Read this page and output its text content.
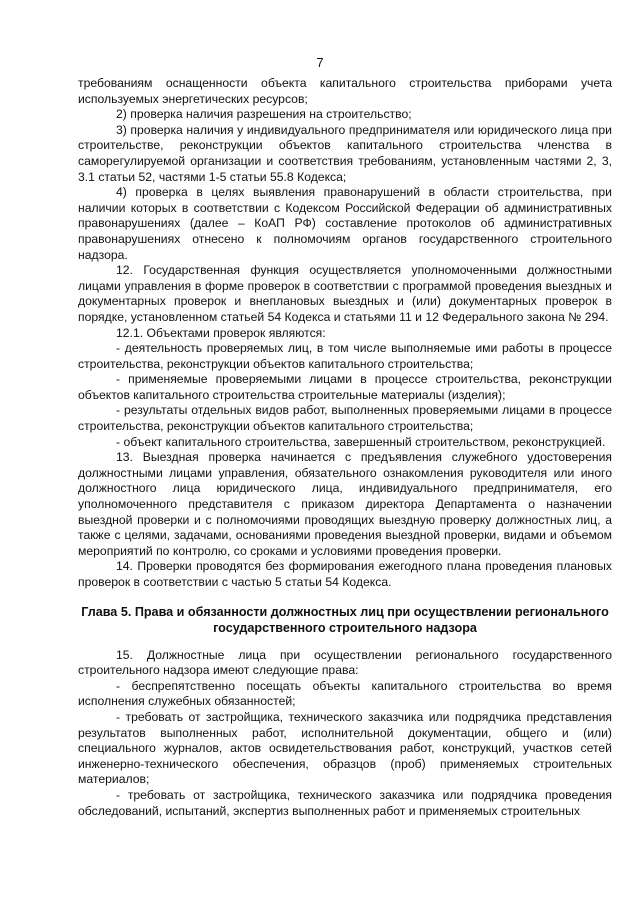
7

требованиям оснащенности объекта капитального строительства приборами учета используемых энергетических ресурсов;

2) проверка наличия разрешения на строительство;

3) проверка наличия у индивидуального предпринимателя или юридического лица при строительстве, реконструкции объектов капитального строительства членства в саморегулируемой организации и соответствия требованиям, установленным частями 2, 3, 3.1 статьи 52, частями 1-5 статьи 55.8 Кодекса;

4) проверка в целях выявления правонарушений в области строительства, при наличии которых в соответствии с Кодексом Российской Федерации об административных правонарушениях (далее – КоАП РФ) составление протоколов об административных правонарушениях отнесено к полномочиям органов государственного строительного надзора.

12. Государственная функция осуществляется уполномоченными должностными лицами управления в форме проверок в соответствии с программой проведения выездных и документарных проверок и внеплановых выездных и (или) документарных проверок в порядке, установленном статьей 54 Кодекса и статьями 11 и 12 Федерального закона № 294.

12.1. Объектами проверок являются:

- деятельность проверяемых лиц, в том числе выполняемые ими работы в процессе строительства, реконструкции объектов капитального строительства;

- применяемые проверяемыми лицами в процессе строительства, реконструкции объектов капитального строительства строительные материалы (изделия);

- результаты отдельных видов работ, выполненных проверяемыми лицами в процессе строительства, реконструкции объектов капитального строительства;

- объект капитального строительства, завершенный строительством, реконструкцией.

13. Выездная проверка начинается с предъявления служебного удостоверения должностными лицами управления, обязательного ознакомления руководителя или иного должностного лица юридического лица, индивидуального предпринимателя, его уполномоченного представителя с приказом директора Департамента о назначении выездной проверки и с полномочиями проводящих выездную проверку должностных лиц, а также с целями, задачами, основаниями проведения выездной проверки, видами и объемом мероприятий по контролю, со сроками и условиями проведения проверки.

14. Проверки проводятся без формирования ежегодного плана проведения плановых проверок в соответствии с частью 5 статьи 54 Кодекса.

Глава 5. Права и обязанности должностных лиц при осуществлении регионального государственного строительного надзора

15. Должностные лица при осуществлении регионального государственного строительного надзора имеют следующие права:

- беспрепятственно посещать объекты капитального строительства во время исполнения служебных обязанностей;

- требовать от застройщика, технического заказчика или подрядчика представления результатов выполненных работ, исполнительной документации, общего и (или) специального журналов, актов освидетельствования работ, конструкций, участков сетей инженерно-технического обеспечения, образцов (проб) применяемых строительных материалов;

- требовать от застройщика, технического заказчика или подрядчика проведения обследований, испытаний, экспертиз выполненных работ и применяемых строительных
